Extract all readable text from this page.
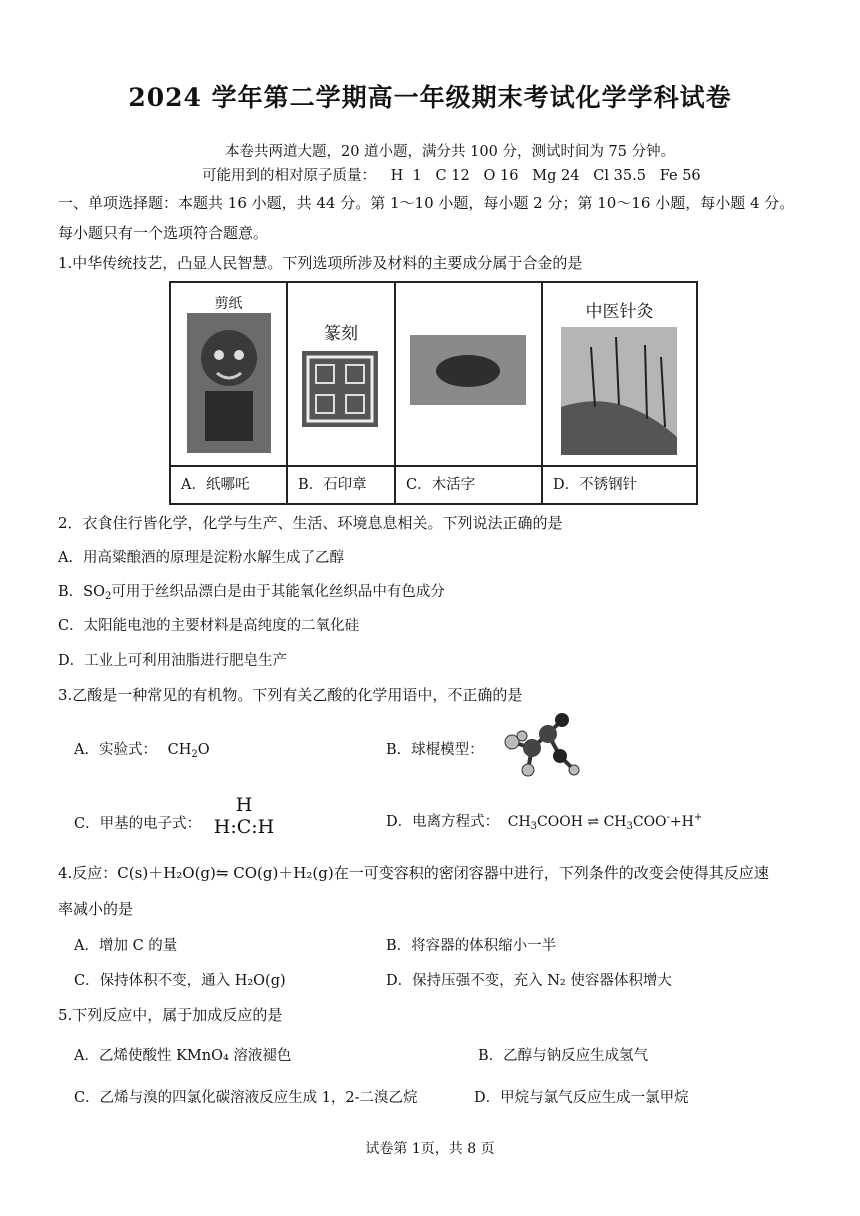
2024 学年第二学期高一年级期末考试化学学科试卷
本卷共两道大题，20 道小题，满分共 100 分，测试时间为 75 分钟。
可能用到的相对原子质量： H  1   C 12   O 16   Mg 24   Cl 35.5   Fe 56
一、单项选择题：本题共 16 小题，共 44 分。第 1～10 小题，每小题 2 分；第 10～16 小题，每小题 4 分。
每小题只有一个选项符合题意。
1.中华传统技艺，凸显人民智慧。下列选项所涉及材料的主要成分属于合金的是
剪纸	篆刻		中医针灸

A．纸哪吒	B．石印章	C．木活字	D．不锈钢针
2．衣食住行皆化学，化学与生产、生活、环境息息相关。下列说法正确的是
A．用高粱酿酒的原理是淀粉水解生成了乙醇
B．$SO_2$可用于丝织品漂白是由于其能氧化丝织品中有色成分
C．太阳能电池的主要材料是高纯度的二氧化硅
D．工业上可利用油脂进行肥皂生产
3.乙酸是一种常见的有机物。下列有关乙酸的化学用语中，不正确的是
A．实验式： $CH_2O$	B．球棍模型：
C．甲基的电子式：
H
H:C:H	D．电离方程式： $CH_3COOH$ ⇌ $CH_3COO^-+H^+$
4.反应：C(s)＋H₂O(g)⇋ CO(g)＋H₂(g)在一可变容积的密闭容器中进行，下列条件的改变会使得其反应速
率减小的是
A．增加 C 的量	B．将容器的体积缩小一半
C．保持体积不变，通入 H₂O(g)	D．保持压强不变，充入 N₂ 使容器体积增大
5.下列反应中，属于加成反应的是
A．乙烯使酸性 KMnO₄ 溶液褪色	B．乙醇与钠反应生成氢气
C．乙烯与溴的四氯化碳溶液反应生成 1，2-二溴乙烷	D．甲烷与氯气反应生成一氯甲烷
试卷第 1页，共 8 页
